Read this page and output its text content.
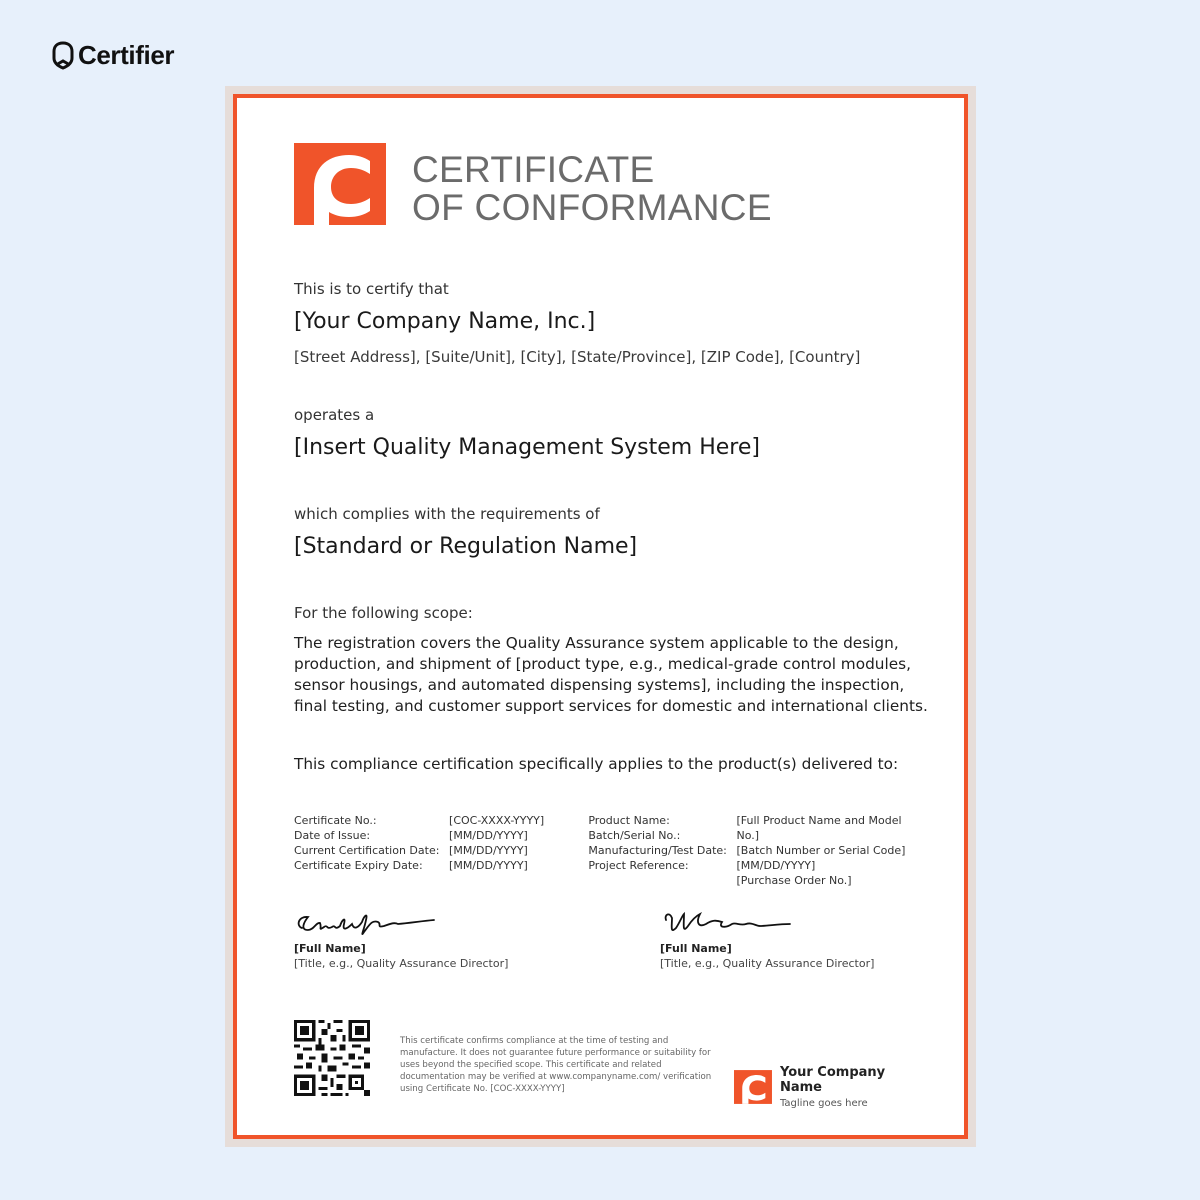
Certifier
CERTIFICATE
OF CONFORMANCE
This is to certify that
[Your Company Name, Inc.]
[Street Address], [Suite/Unit], [City], [State/Province], [ZIP Code], [Country]
operates a
[Insert Quality Management System Here]
which complies with the requirements of
[Standard or Regulation Name]
For the following scope:
The registration covers the Quality Assurance system applicable to the design, production, and shipment of [product type, e.g., medical-grade control modules, sensor housings, and automated dispensing systems], including the inspection, final testing, and customer support services for domestic and international clients.
This compliance certification specifically applies to the product(s) delivered to:
Certificate No.:
Date of Issue:
Current Certification Date:
Certificate Expiry Date:
[COC-XXXX-YYYY]
[MM/DD/YYYY]
[MM/DD/YYYY]
[MM/DD/YYYY]
Product Name:
Batch/Serial No.:
Manufacturing/Test Date:
Project Reference:
[Full Product Name and Model No.]
[Batch Number or Serial Code]
[MM/DD/YYYY]
[Purchase Order No.]
[Full Name]
[Title, e.g., Quality Assurance Director]
[Full Name]
[Title, e.g., Quality Assurance Director]
This certificate confirms compliance at the time of testing and manufacture. It does not guarantee future performance or suitability for uses beyond the specified scope. This certificate and related documentation may be verified at www.companyname.com/ verification using Certificate No. [COC-XXXX-YYYY]
Your Company Name
Tagline goes here
